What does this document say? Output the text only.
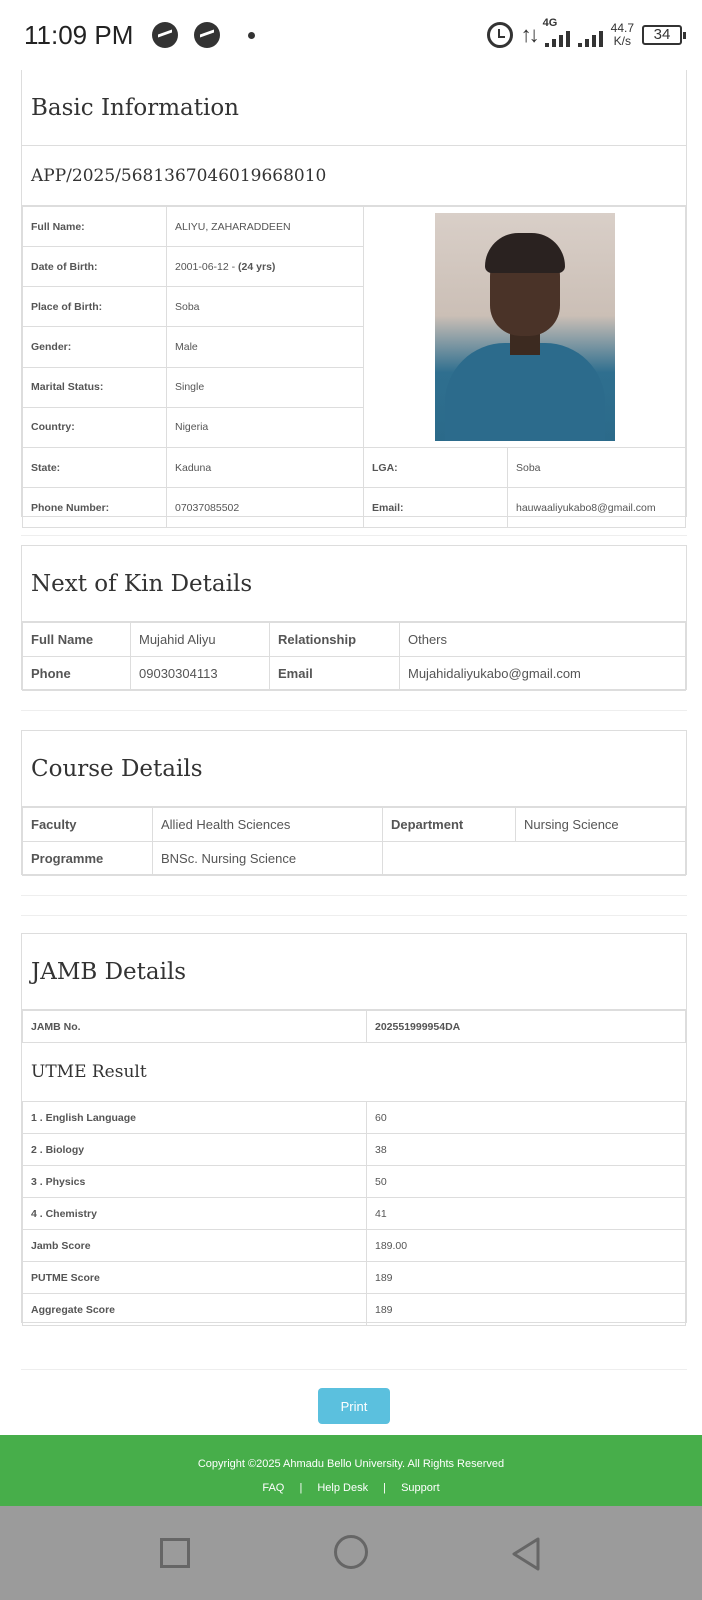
11:09 PM	↑↓ 4G	44.7
K/s	34
Basic Information
APP/2025/5681367046019668010
Full Name:	ALIYU, ZAHARADDEEN		

Date of Birth:	2001-06-12 - (24 yrs)		
Place of Birth:	Soba		
Gender:	Male		
Marital Status:	Single		
Country:	Nigeria		
State:	Kaduna	LGA:	Soba
Phone Number:	07037085502	Email:	hauwaaliyukabo8@gmail.com
Next of Kin Details
Full Name	Mujahid Aliyu	Relationship	Others
Phone	09030304113	Email	Mujahidaliyukabo@gmail.com
Course Details
Faculty	Allied Health Sciences	Department	Nursing Science
Programme	BNSc. Nursing Science		
JAMB Details
JAMB No.	202551999954DA
UTME Result
1 . English Language	60
2 . Biology	38
3 . Physics	50
4 . Chemistry	41
Jamb Score	189.00
PUTME Score	189
Aggregate Score	189
Print
Copyright ©2025 Ahmadu Bello University. All Rights Reserved
FAQ | Help Desk | Support
